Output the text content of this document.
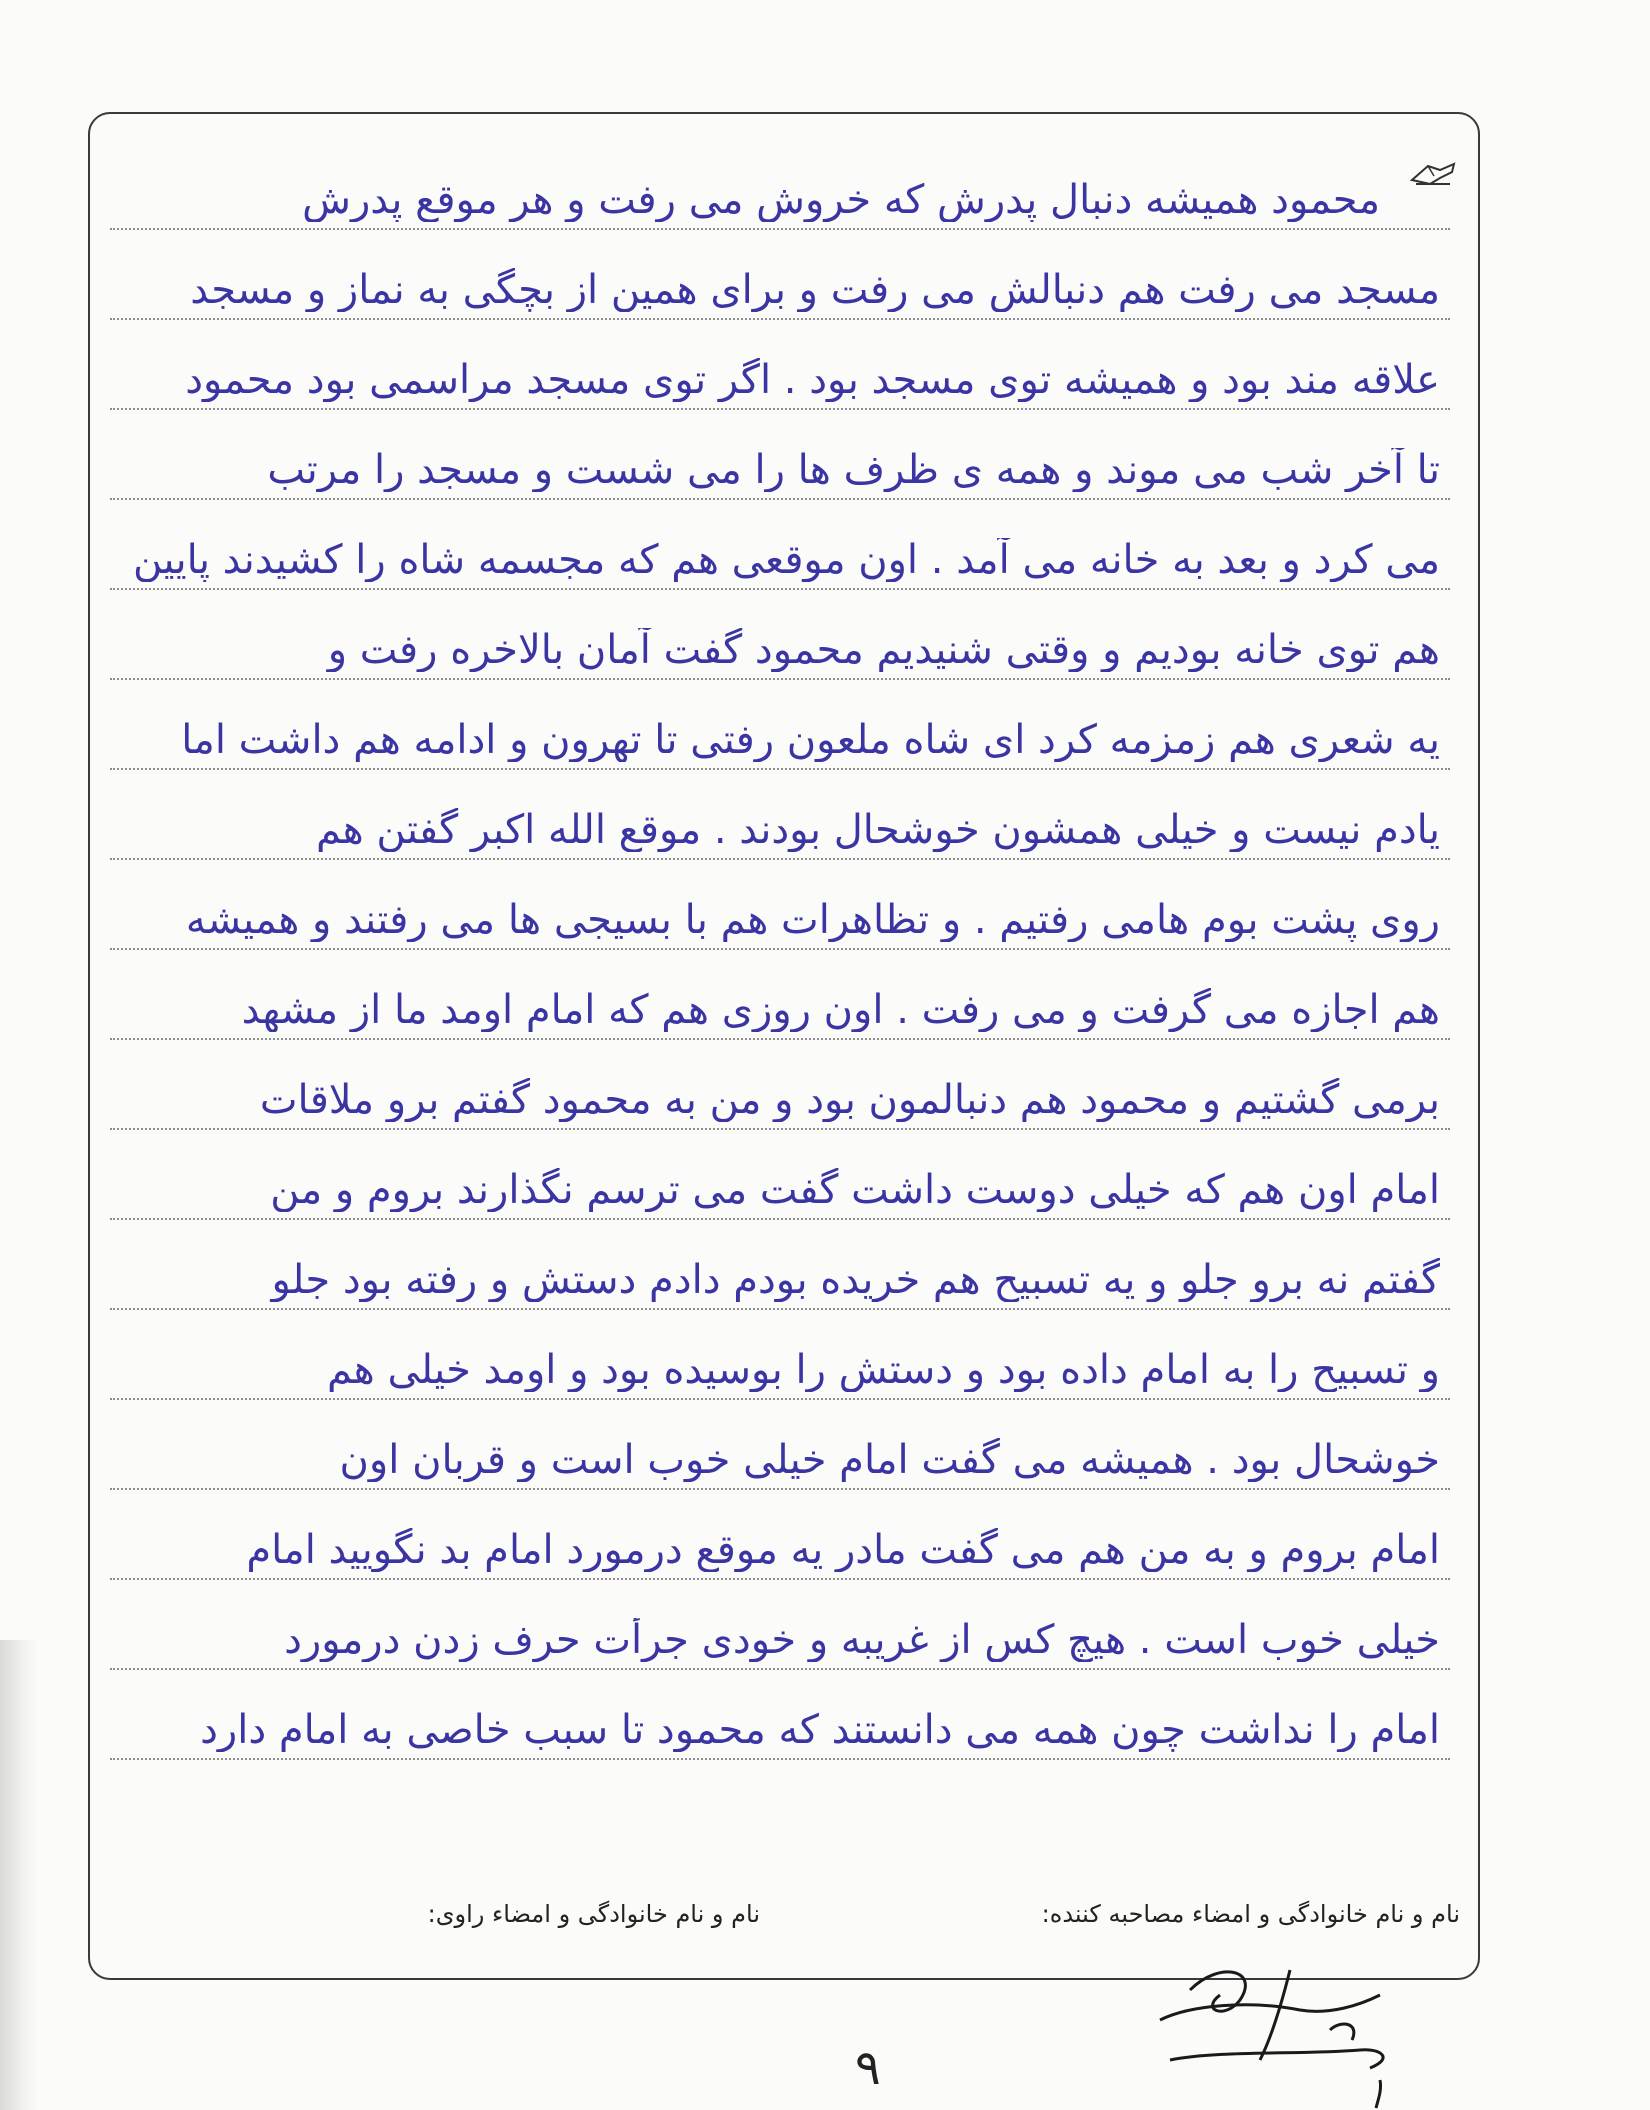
محمود همیشه دنبال پدرش که خروش می رفت و هر موقع پدرش
مسجد می رفت هم دنبالش می رفت و برای همین از بچگی به نماز و مسجد
علاقه مند بود و همیشه توی مسجد بود . اگر توی مسجد مراسمی بود محمود
تا آخر شب می موند و همه ی ظرف ها را می شست و مسجد را مرتب
می کرد و بعد به خانه می آمد . اون موقعی هم که مجسمه شاه را کشیدند پایین
هم توی خانه بودیم و وقتی شنیدیم محمود گفت آمان بالاخره رفت و
یه شعری هم زمزمه کرد ای شاه ملعون رفتی تا تهرون و ادامه هم داشت اما
یادم نیست و خیلی همشون خوشحال بودند . موقع الله اکبر گفتن هم
روی پشت بوم هامی رفتیم . و تظاهرات هم با بسیجی ها می رفتند و همیشه
هم اجازه می گرفت و می رفت . اون روزی هم که امام اومد ما از مشهد
برمی گشتیم و محمود هم دنبالمون بود و من به محمود گفتم برو ملاقات
امام اون هم که خیلی دوست داشت گفت می ترسم نگذارند بروم و من
گفتم نه برو جلو و یه تسبیح هم خریده بودم دادم دستش و رفته بود جلو
و تسبیح را به امام داده بود و دستش را بوسیده بود و اومد خیلی هم
خوشحال بود . همیشه می گفت امام خیلی خوب است و قربان اون
امام بروم و به من هم می گفت مادر یه موقع درمورد امام بد نگویید امام
خیلی خوب است . هیچ کس از غریبه و خودی جرأت حرف زدن درمورد
امام را نداشت چون همه می دانستند که محمود تا سبب خاصی به امام دارد
نام و نام خانوادگی و امضاء مصاحبه کننده:
نام و نام خانوادگی و امضاء راوی:
۹
